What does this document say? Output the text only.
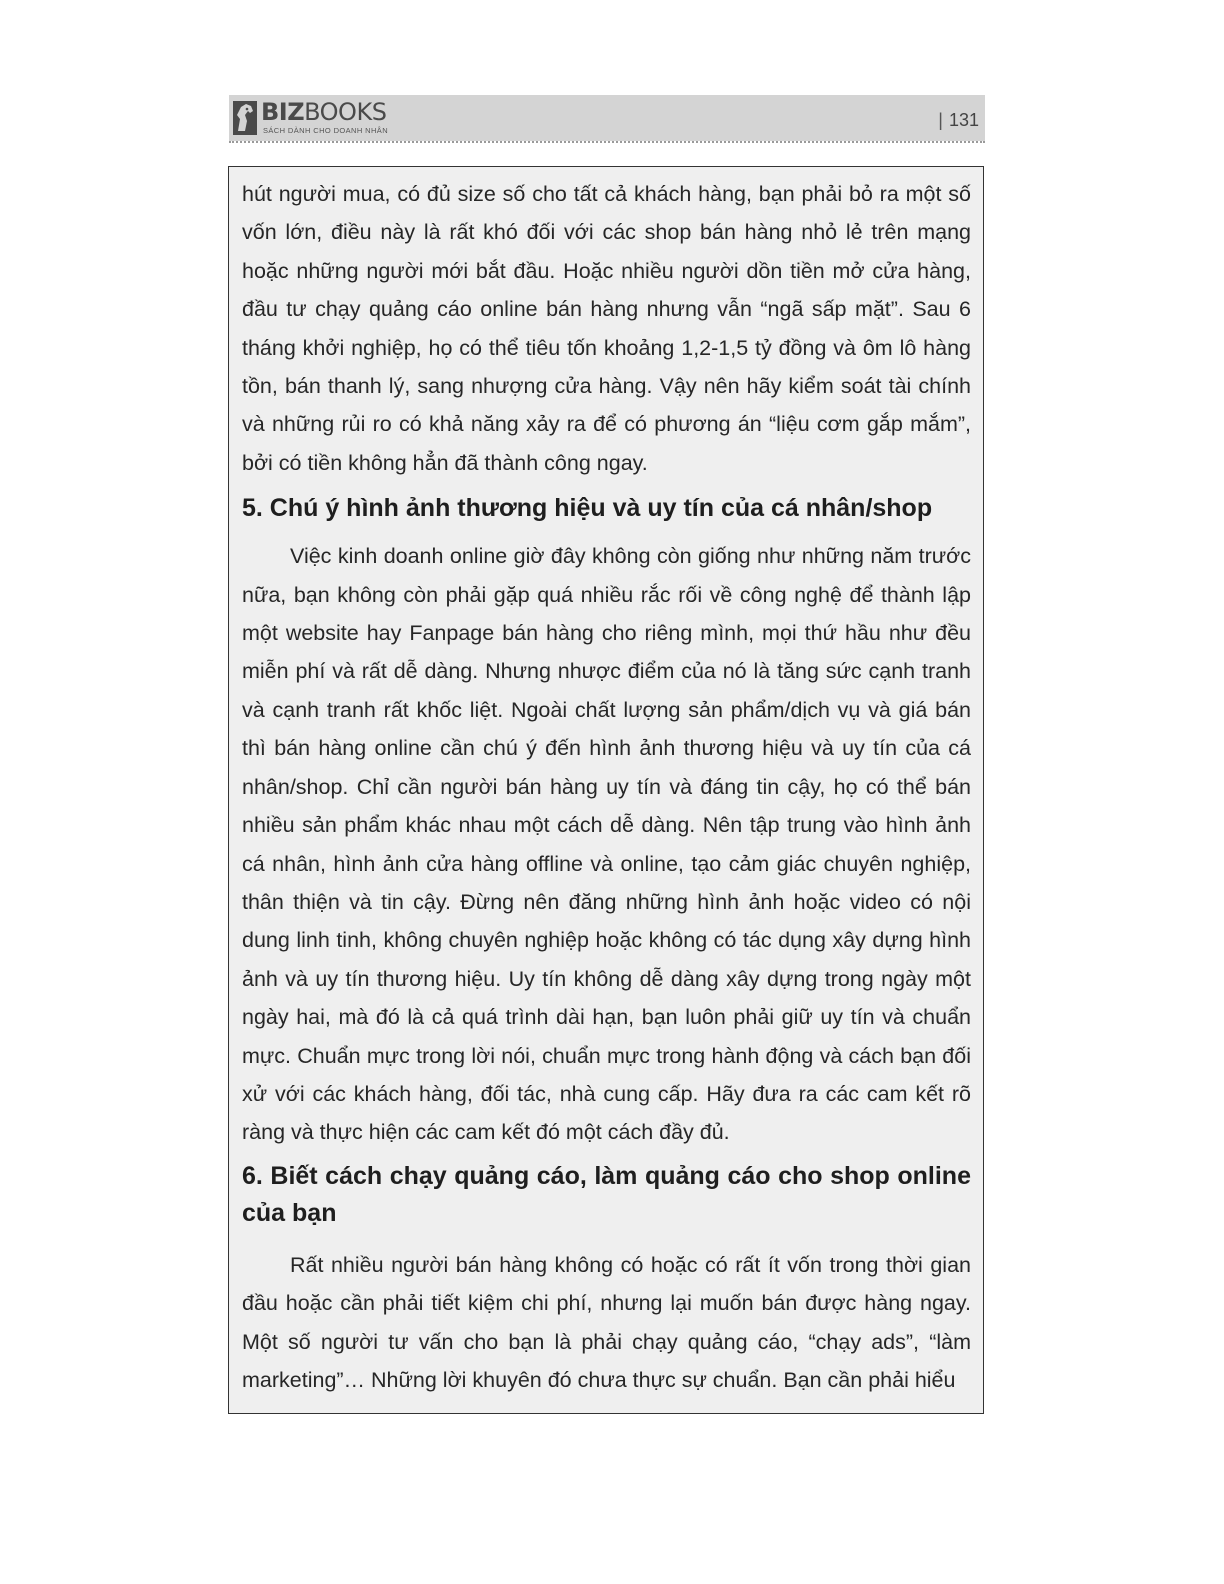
BIZBOOKS
SÁCH DÀNH CHO DOANH NHÂN
| 131

hút người mua, có đủ size số cho tất cả khách hàng, bạn phải bỏ ra một số vốn lớn, điều này là rất khó đối với các shop bán hàng nhỏ lẻ trên mạng hoặc những người mới bắt đầu. Hoặc nhiều người dồn tiền mở cửa hàng, đầu tư chạy quảng cáo online bán hàng nhưng vẫn “ngã sấp mặt”. Sau 6 tháng khởi nghiệp, họ có thể tiêu tốn khoảng 1,2-1,5 tỷ đồng và ôm lô hàng tồn, bán thanh lý, sang nhượng cửa hàng. Vậy nên hãy kiểm soát tài chính và những rủi ro có khả năng xảy ra để có phương án “liệu cơm gắp mắm”, bởi có tiền không hẳn đã thành công ngay.

5. Chú ý hình ảnh thương hiệu và uy tín của cá nhân/shop

Việc kinh doanh online giờ đây không còn giống như những năm trước nữa, bạn không còn phải gặp quá nhiều rắc rối về công nghệ để thành lập một website hay Fanpage bán hàng cho riêng mình, mọi thứ hầu như đều miễn phí và rất dễ dàng. Nhưng nhược điểm của nó là tăng sức cạnh tranh và cạnh tranh rất khốc liệt. Ngoài chất lượng sản phẩm/dịch vụ và giá bán thì bán hàng online cần chú ý đến hình ảnh thương hiệu và uy tín của cá nhân/shop. Chỉ cần người bán hàng uy tín và đáng tin cậy, họ có thể bán nhiều sản phẩm khác nhau một cách dễ dàng. Nên tập trung vào hình ảnh cá nhân, hình ảnh cửa hàng offline và online, tạo cảm giác chuyên nghiệp, thân thiện và tin cậy. Đừng nên đăng những hình ảnh hoặc video có nội dung linh tinh, không chuyên nghiệp hoặc không có tác dụng xây dựng hình ảnh và uy tín thương hiệu. Uy tín không dễ dàng xây dựng trong ngày một ngày hai, mà đó là cả quá trình dài hạn, bạn luôn phải giữ uy tín và chuẩn mực. Chuẩn mực trong lời nói, chuẩn mực trong hành động và cách bạn đối xử với các khách hàng, đối tác, nhà cung cấp. Hãy đưa ra các cam kết rõ ràng và thực hiện các cam kết đó một cách đầy đủ.

6. Biết cách chạy quảng cáo, làm quảng cáo cho shop online của bạn

Rất nhiều người bán hàng không có hoặc có rất ít vốn trong thời gian đầu hoặc cần phải tiết kiệm chi phí, nhưng lại muốn bán được hàng ngay. Một số người tư vấn cho bạn là phải chạy quảng cáo, “chạy ads”, “làm marketing”… Những lời khuyên đó chưa thực sự chuẩn. Bạn cần phải hiểu
